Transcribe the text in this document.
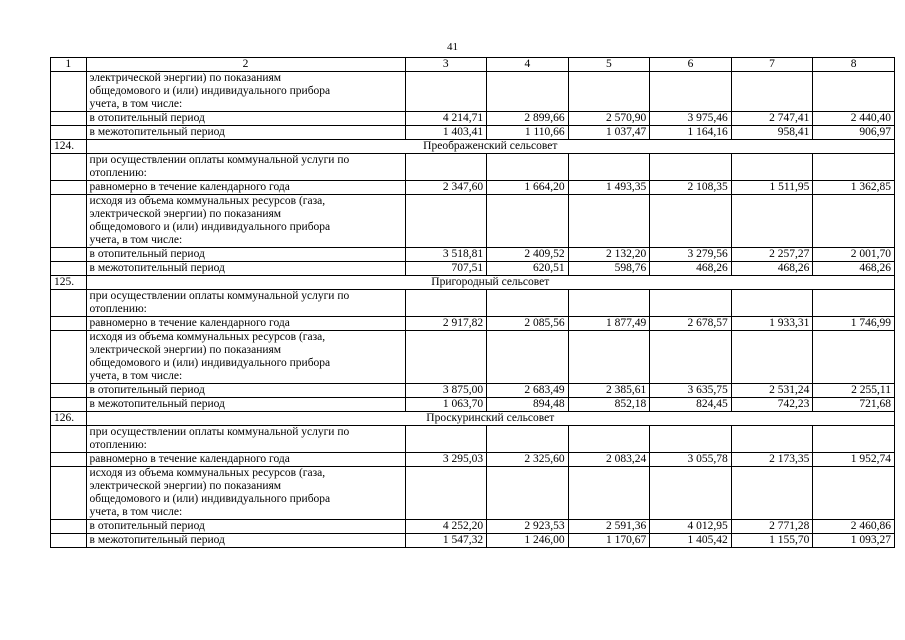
41
1	2	3	4	5	6	7	8

	электрической энергии) по показаниям
общедомового и (или) индивидуального прибора
учета, в том числе:						

	в отопительный период	4 214,71	2 899,66	2 570,90	3 975,46	2 747,41	2 440,40
	в межотопительный период	1 403,41	1 110,66	1 037,47	1 164,16	958,41	906,97
124.	Преображенский сельсовет						

	при осуществлении оплаты коммунальной услуги по
отоплению:						

	равномерно в течение календарного года	2 347,60	1 664,20	1 493,35	2 108,35	1 511,95	1 362,85

	исходя из объема коммунальных ресурсов (газа,
электрической энергии) по показаниям
общедомового и (или) индивидуального прибора
учета, в том числе:						

	в отопительный период	3 518,81	2 409,52	2 132,20	3 279,56	2 257,27	2 001,70
	в межотопительный период	707,51	620,51	598,76	468,26	468,26	468,26
125.	Пригородный сельсовет						

	при осуществлении оплаты коммунальной услуги по
отоплению:						

	равномерно в течение календарного года	2 917,82	2 085,56	1 877,49	2 678,57	1 933,31	1 746,99

	исходя из объема коммунальных ресурсов (газа,
электрической энергии) по показаниям
общедомового и (или) индивидуального прибора
учета, в том числе:						

	в отопительный период	3 875,00	2 683,49	2 385,61	3 635,75	2 531,24	2 255,11
	в межотопительный период	1 063,70	894,48	852,18	824,45	742,23	721,68
126.	Проскуринский сельсовет						

	при осуществлении оплаты коммунальной услуги по
отоплению:						

	равномерно в течение календарного года	3 295,03	2 325,60	2 083,24	3 055,78	2 173,35	1 952,74

	исходя из объема коммунальных ресурсов (газа,
электрической энергии) по показаниям
общедомового и (или) индивидуального прибора
учета, в том числе:						

	в отопительный период	4 252,20	2 923,53	2 591,36	4 012,95	2 771,28	2 460,86
	в межотопительный период	1 547,32	1 246,00	1 170,67	1 405,42	1 155,70	1 093,27
